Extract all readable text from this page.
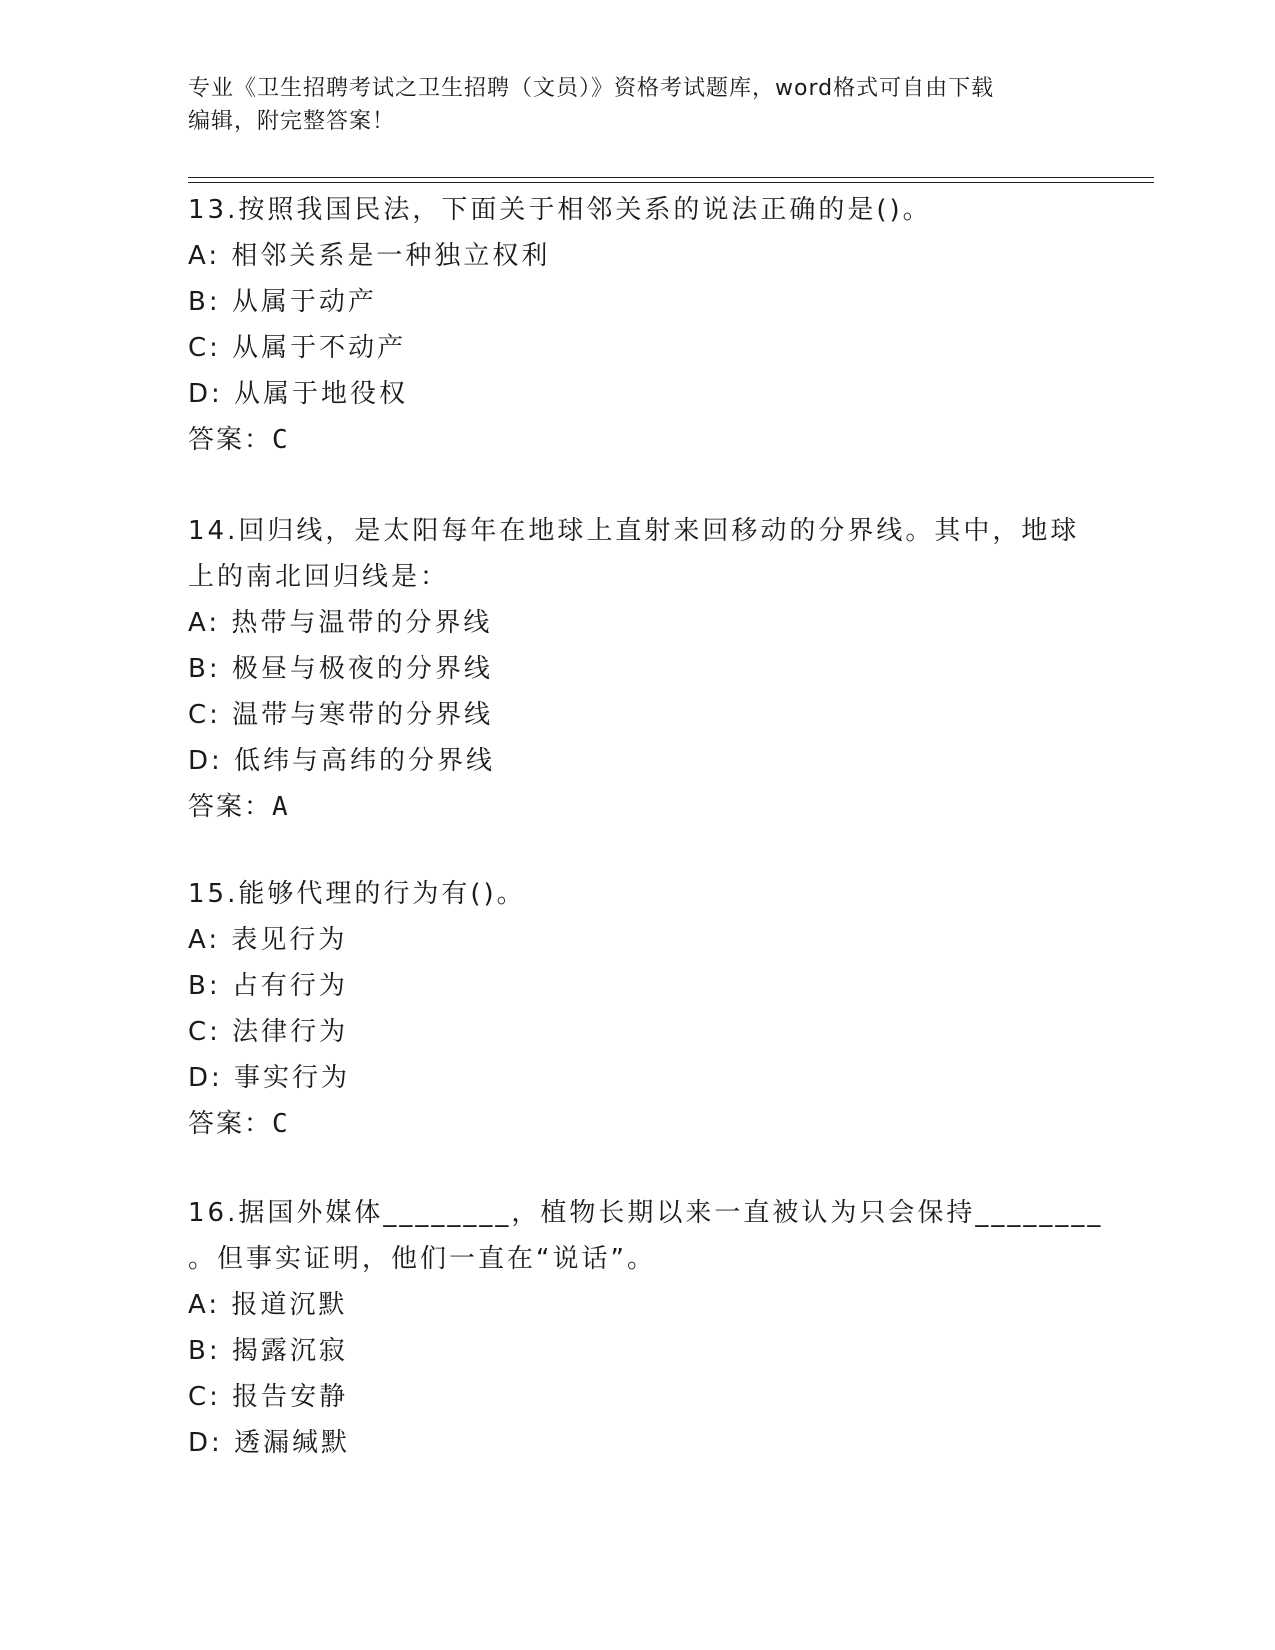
专业《卫生招聘考试之卫生招聘（文员）》资格考试题库，word格式可自由下载
编辑，附完整答案！
13.按照我国民法，下面关于相邻关系的说法正确的是()。
A: 相邻关系是一种独立权利
B: 从属于动产
C: 从属于不动产
D: 从属于地役权
答案：C
14.回归线，是太阳每年在地球上直射来回移动的分界线。其中，地球
上的南北回归线是：
A: 热带与温带的分界线
B: 极昼与极夜的分界线
C: 温带与寒带的分界线
D: 低纬与高纬的分界线
答案：A
15.能够代理的行为有()。
A: 表见行为
B: 占有行为
C: 法律行为
D: 事实行为
答案：C
16.据国外媒体________，植物长期以来一直被认为只会保持________
。但事实证明，他们一直在“说话”。
A: 报道沉默
B: 揭露沉寂
C: 报告安静
D: 透漏缄默
